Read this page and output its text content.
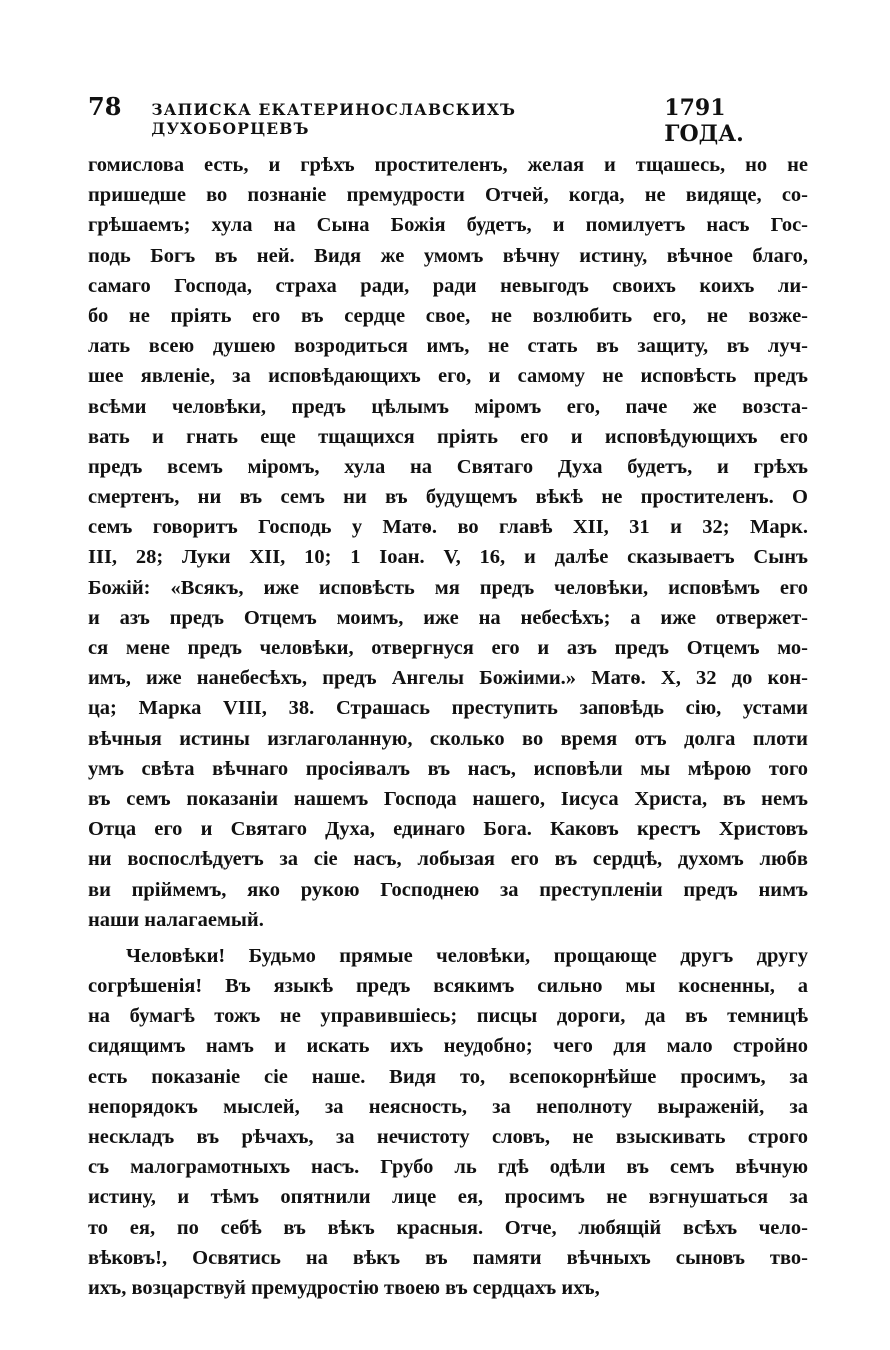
78 ЗАПИСКА ЕКАТЕРИНОСЛАВСКИХЪ ДУХОБОРЦЕВЪ
1791 ГОДА.
гомислова есть, и грѣхъ простителенъ, желая и тщашесь, но не
пришедше во познаніе премудрости Отчей, когда, не видяще, со-
грѣшаемъ; хула на Сына Божія будетъ, и помилуетъ насъ Гос-
подь Богъ въ ней. Видя же умомъ вѣчну истину, вѣчное благо,
самаго Господа, страха ради, ради невыгодъ своихъ коихъ ли-
бо не пріять его въ сердце свое, не возлюбить его, не возже-
лать всею душею возродиться имъ, не стать въ защиту, въ луч-
шее явленіе, за исповѣдающихъ его, и самому не исповѣсть предъ
всѣми человѣки, предъ цѣлымъ міромъ его, паче же возста-
вать и гнать еще тщащихся пріять его и исповѣдующихъ его
предъ всемъ міромъ, хула на Святаго Духа будетъ, и грѣхъ
смертенъ, ни въ семъ ни въ будущемъ вѣкѣ не простителенъ. О
семъ говоритъ Господь у Матѳ. во главѣ XII, 31 и 32; Марк.
III, 28; Луки XII, 10; 1 Іоан. V, 16, и далѣе сказываетъ Сынъ
Божій: «Всякъ, иже исповѣсть мя предъ человѣки, исповѣмъ его
и азъ предъ Отцемъ моимъ, иже на небесѣхъ; а иже отвержет-
ся мене предъ человѣки, отвергнуся его и азъ предъ Отцемъ мо-
имъ, иже нанебесѣхъ, предъ Ангелы Божіими.» Матѳ. X, 32 до кон-
ца; Марка VIII, 38. Страшась преступить заповѣдь сію, устами
вѣчныя истины изглаголанную, сколько во время отъ долга плоти
умъ свѣта вѣчнаго просіявалъ въ насъ, исповѣли мы мѣрою того
въ семъ показаніи нашемъ Господа нашего, Іисуса Христа, въ немъ
Отца его и Святаго Духа, единаго Бога. Каковъ крестъ Христовъ
ни воспослѣдуетъ за сіе насъ, лобызая его въ сердцѣ, духомъ любв
ви пріймемъ, яко рукою Господнею за преступленіи предъ нимъ
наши налагаемый.
Человѣки! Будьмо прямые человѣки, прощающе другъ другу
согрѣшенія! Въ языкѣ предъ всякимъ сильно мы косненны, а
на бумагѣ тожъ не управившіесь; писцы дороги, да въ темницѣ
сидящимъ намъ и искать ихъ неудобно; чего для мало стройно
есть показаніе сіе наше. Видя то, всепокорнѣйше просимъ, за
непорядокъ мыслей, за неясность, за неполноту выраженій, за
нескладъ въ рѣчахъ, за нечистоту словъ, не взыскивать строго
съ малограмотныхъ насъ. Грубо ль гдѣ одѣли въ семъ вѣчную
истину, и тѣмъ опятнили лице ея, просимъ не вэгнушаться за
то ея, по себѣ въ вѣкъ красныя. Отче, любящій всѣхъ чело-
вѣковъ!, Освятись на вѣкъ въ памяти вѣчныхъ сыновъ тво-
ихъ, возцарствуй премудростію твоею въ сердцахъ ихъ,
